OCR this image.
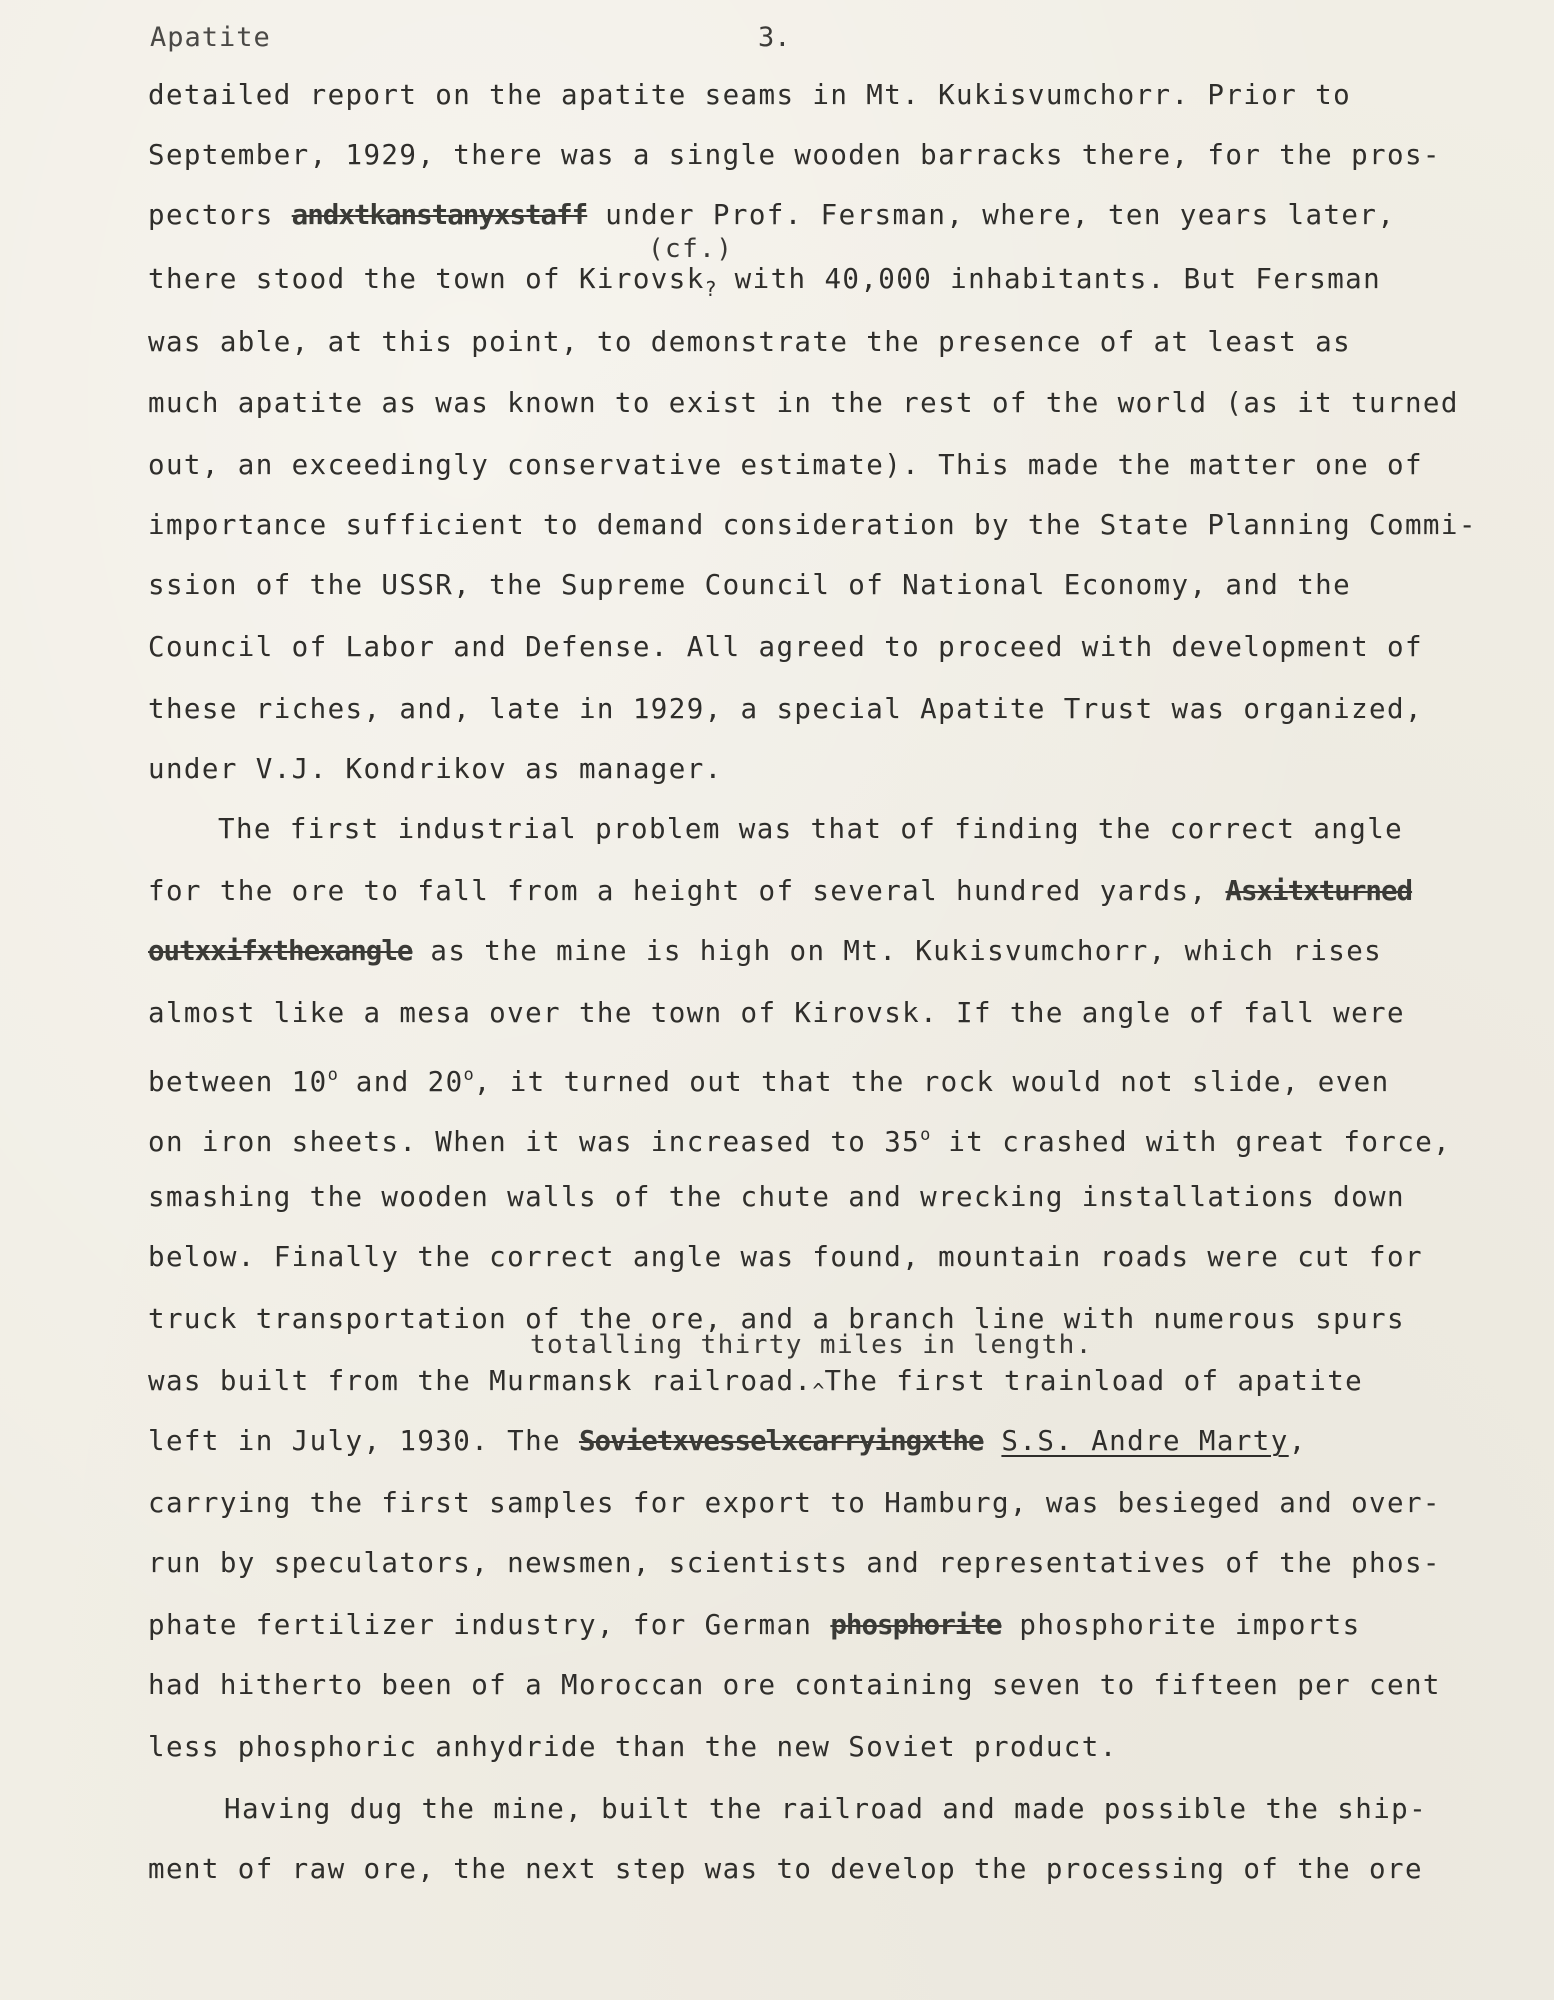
Apatite	3.
detailed report on the apatite seams in Mt. Kukisvumchorr. Prior to
September, 1929, there was a single wooden barracks there, for the pros-
pectors andxtkanstanyxstaff under Prof. Fersman, where, ten years later,
(cf.)
there stood the town of Kirovsk$_?$ with 40,000 inhabitants. But Fersman
was able, at this point, to demonstrate the presence of at least as
much apatite as was known to exist in the rest of the world (as it turned
out, an exceedingly conservative estimate). This made the matter one of
importance sufficient to demand consideration by the State Planning Commi-
ssion of the USSR, the Supreme Council of National Economy, and the
Council of Labor and Defense. All agreed to proceed with development of
these riches, and, late in 1929, a special Apatite Trust was organized,
under V.J. Kondrikov as manager.
The first industrial problem was that of finding the correct angle
for the ore to fall from a height of several hundred yards, Asxitxturned
outxxifxthexangle as the mine is high on Mt. Kukisvumchorr, which rises
almost like a mesa over the town of Kirovsk. If the angle of fall were
between 10$^o$ and 20$^o$, it turned out that the rock would not slide, even
on iron sheets. When it was increased to 35$^o$ it crashed with great force,
smashing the wooden walls of the chute and wrecking installations down
below. Finally the correct angle was found, mountain roads were cut for
truck transportation of the ore, and a branch line with numerous spurs
totalling thirty miles in length.
was built from the Murmansk $railroad._{\^{}}The$ first trainload of apatite
left in July, 1930. The Sovietxvesselxcarryingxthe S.S. Andre Marty,
carrying the first samples for export to Hamburg, was besieged and over-
run by speculators, newsmen, scientists and representatives of the phos-
phate fertilizer industry, for German phosphorite phosphorite imports
had hitherto been of a Moroccan ore containing seven to fifteen per cent
less phosphoric anhydride than the new Soviet product.
Having dug the mine, built the railroad and made possible the ship-
ment of raw ore, the next step was to develop the processing of the ore
